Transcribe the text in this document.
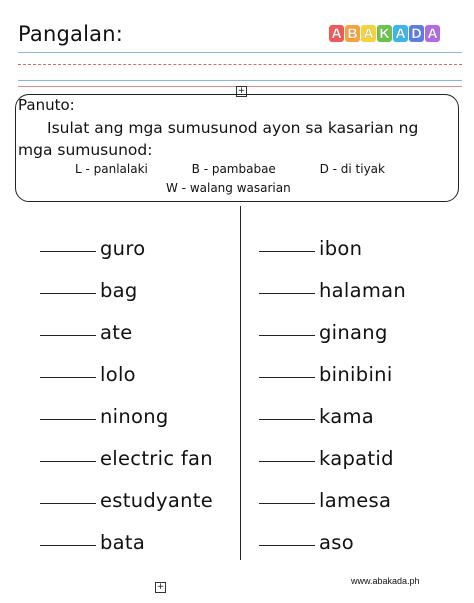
Pangalan:	A B A K A D A
+
Panuto:
Isulat ang mga sumusunod ayon sa kasarian ng
mga sumusunod:
L - panlalaki	B - pambabae	D - di tiyak
W - walang wasarian
guro
bag
ate
lolo
ninong
electric fan
estudyante
bata
ibon
halaman
ginang
binibini
kama
kapatid
lamesa
aso
+
www.abakada.ph
